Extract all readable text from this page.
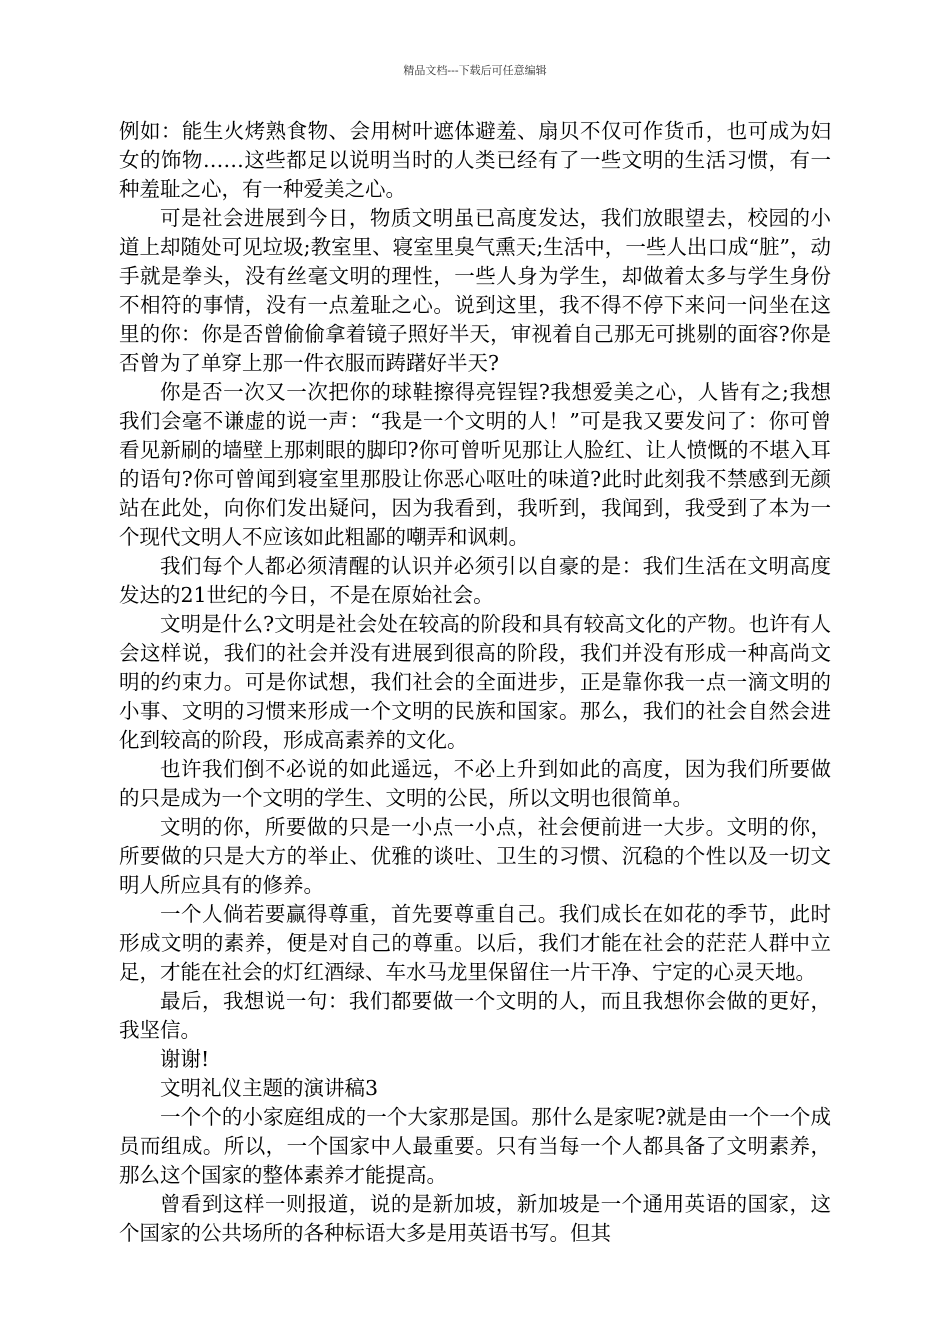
精品文档---下载后可任意编辑

例如：能生火烤熟食物、会用树叶遮体避羞、扇贝不仅可作货币，也可成为妇女的饰物……这些都足以说明当时的人类已经有了一些文明的生活习惯，有一种羞耻之心，有一种爱美之心。

可是社会进展到今日，物质文明虽已高度发达，我们放眼望去，校园的小道上却随处可见垃圾;教室里、寝室里臭气熏天;生活中，一些人出口成“脏”，动手就是拳头，没有丝毫文明的理性，一些人身为学生，却做着太多与学生身份不相符的事情，没有一点羞耻之心。说到这里，我不得不停下来问一问坐在这里的你：你是否曾偷偷拿着镜子照好半天，审视着自己那无可挑剔的面容?你是否曾为了单穿上那一件衣服而踌躇好半天?

你是否一次又一次把你的球鞋擦得亮锃锃?我想爱美之心，人皆有之;我想我们会毫不谦虚的说一声：“我是一个文明的人！”可是我又要发问了：你可曾看见新刷的墙壁上那刺眼的脚印?你可曾听见那让人脸红、让人愤慨的不堪入耳的语句?你可曾闻到寝室里那股让你恶心呕吐的味道?此时此刻我不禁感到无颜站在此处，向你们发出疑问，因为我看到，我听到，我闻到，我受到了本为一个现代文明人不应该如此粗鄙的嘲弄和讽刺。

我们每个人都必须清醒的认识并必须引以自豪的是：我们生活在文明高度发达的21世纪的今日，不是在原始社会。

文明是什么?文明是社会处在较高的阶段和具有较高文化的产物。也许有人会这样说，我们的社会并没有进展到很高的阶段，我们并没有形成一种高尚文明的约束力。可是你试想，我们社会的全面进步，正是靠你我一点一滴文明的小事、文明的习惯来形成一个文明的民族和国家。那么，我们的社会自然会进化到较高的阶段，形成高素养的文化。

也许我们倒不必说的如此遥远，不必上升到如此的高度，因为我们所要做的只是成为一个文明的学生、文明的公民，所以文明也很简单。

文明的你，所要做的只是一小点一小点，社会便前进一大步。文明的你，所要做的只是大方的举止、优雅的谈吐、卫生的习惯、沉稳的个性以及一切文明人所应具有的修养。

一个人倘若要赢得尊重，首先要尊重自己。我们成长在如花的季节，此时形成文明的素养，便是对自己的尊重。以后，我们才能在社会的茫茫人群中立足，才能在社会的灯红酒绿、车水马龙里保留住一片干净、宁定的心灵天地。

最后，我想说一句：我们都要做一个文明的人，而且我想你会做的更好，我坚信。

谢谢!

文明礼仪主题的演讲稿3

一个个的小家庭组成的一个大家那是国。那什么是家呢?就是由一个一个成员而组成。所以，一个国家中人最重要。只有当每一个人都具备了文明素养，那么这个国家的整体素养才能提高。

曾看到这样一则报道，说的是新加坡，新加坡是一个通用英语的国家，这个国家的公共场所的各种标语大多是用英语书写。但其
